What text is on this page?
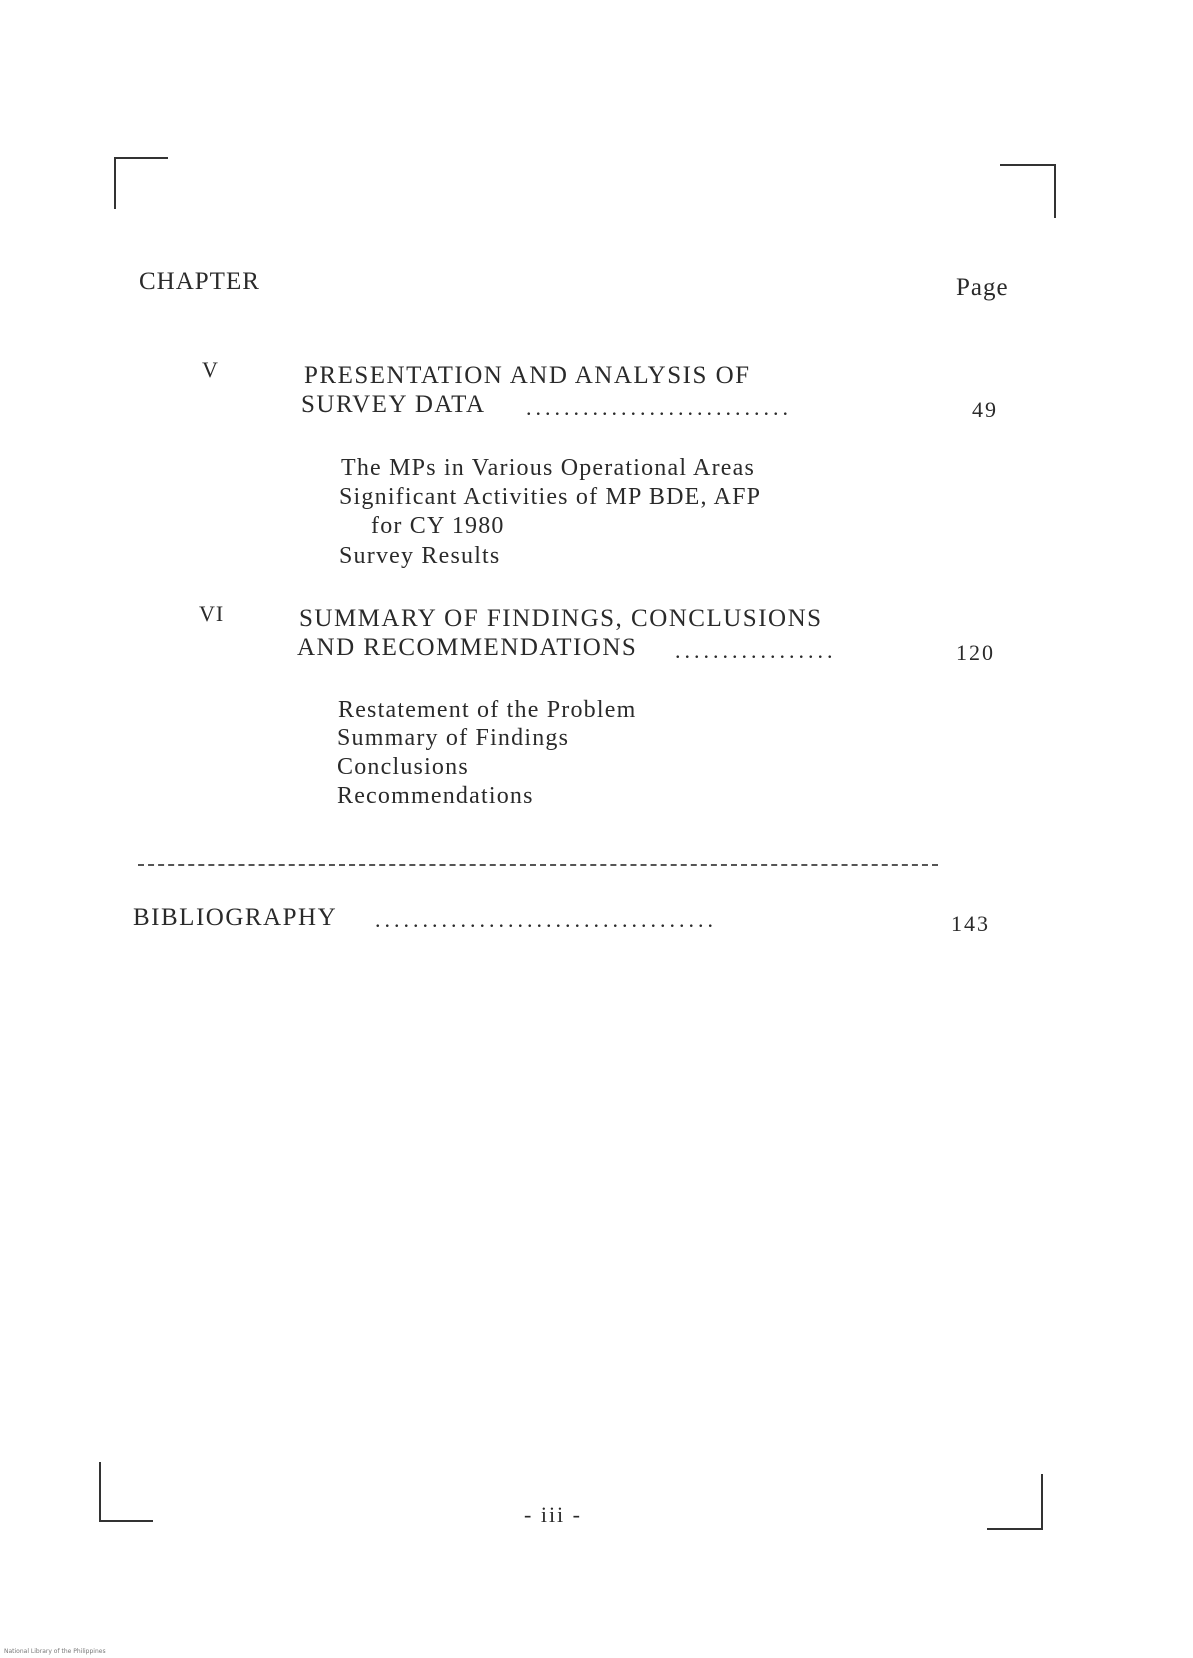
CHAPTER	Page
V	PRESENTATION AND ANALYSIS OF
SURVEY DATA ............................	49
The MPs in Various Operational Areas
Significant Activities of MP BDE, AFP
for CY 1980
Survey Results
VI	SUMMARY OF FINDINGS, CONCLUSIONS
AND RECOMMENDATIONS .................	120
Restatement of the Problem
Summary of Findings
Conclusions
Recommendations
BIBLIOGRAPHY ....................................	143
- iii -
National Library of the Philippines
